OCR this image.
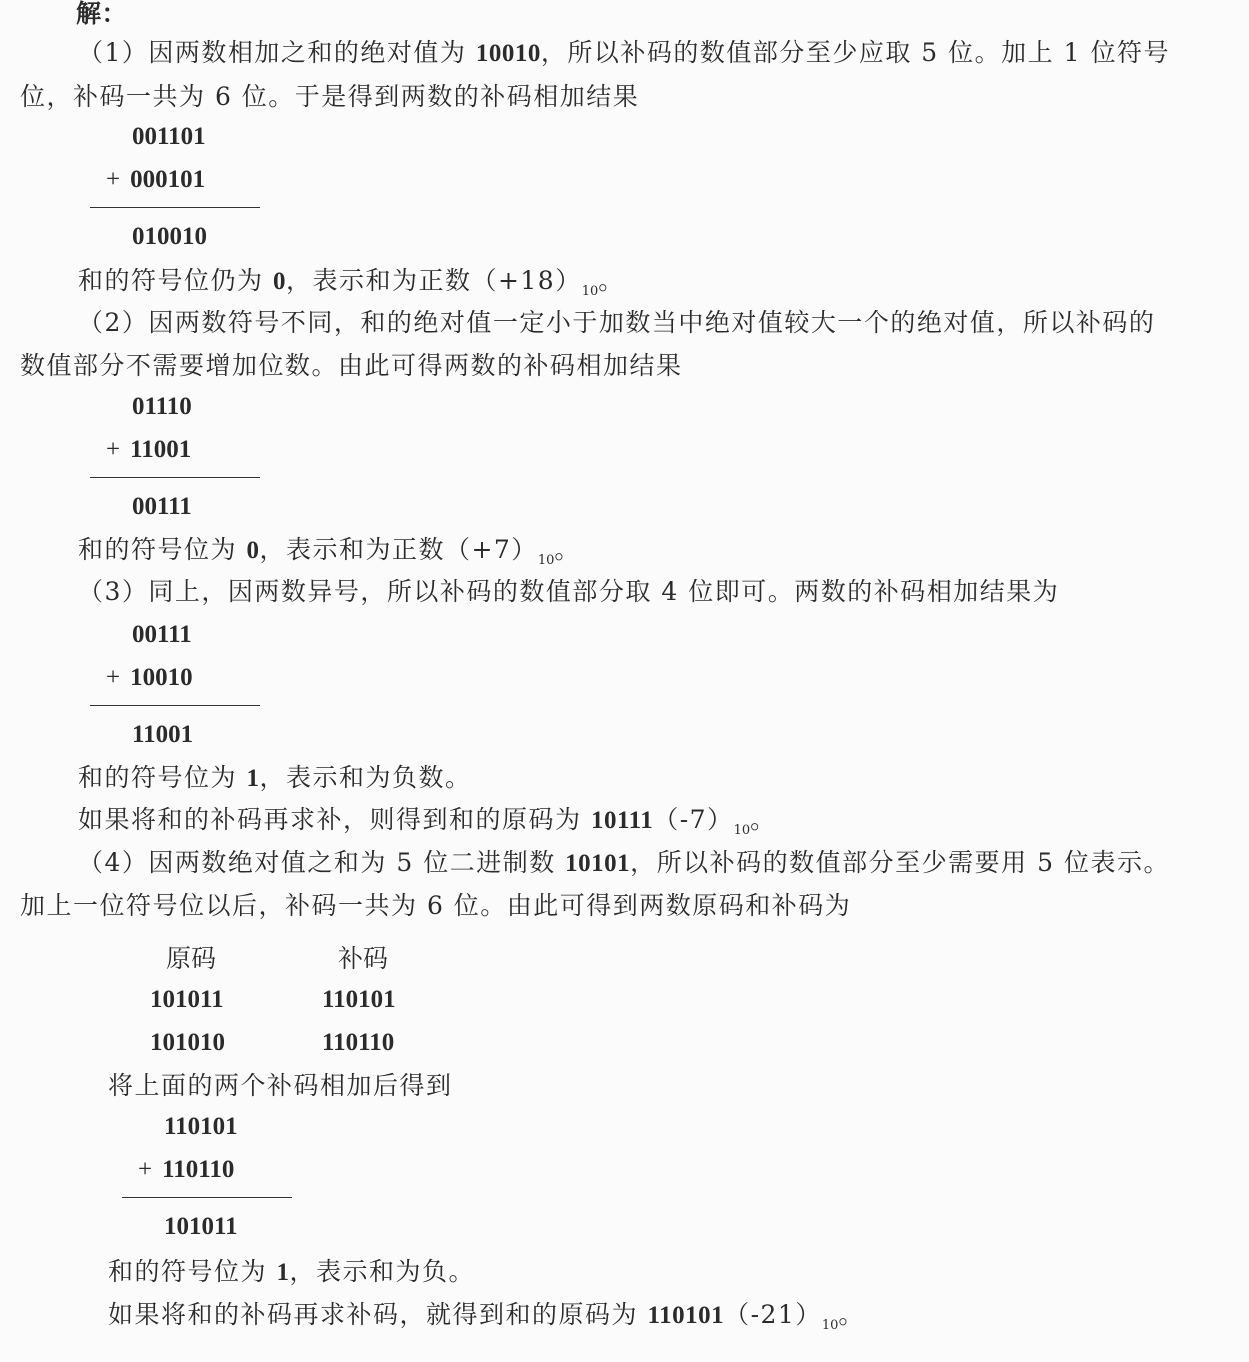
解：
（1）因两数相加之和的绝对值为 10010，所以补码的数值部分至少应取 5 位。加上 1 位符号
位，补码一共为 6 位。于是得到两数的补码相加结果
001101
+ 000101
010010
和的符号位仍为 0，表示和为正数$(+18)_{10}$。
（2）因两数符号不同，和的绝对值一定小于加数当中绝对值较大一个的绝对值，所以补码的
数值部分不需要增加位数。由此可得两数的补码相加结果
01110
+ 11001
00111
和的符号位为 0，表示和为正数$(+7)_{10}$。
（3）同上，因两数异号，所以补码的数值部分取 4 位即可。两数的补码相加结果为
00111
+ 10010
11001
和的符号位为 1，表示和为负数。
如果将和的补码再求补，则得到和的原码为 $10111(-7)_{10}$。
（4）因两数绝对值之和为 5 位二进制数 10101，所以补码的数值部分至少需要用 5 位表示。
加上一位符号位以后，补码一共为 6 位。由此可得到两数原码和补码为
原码	补码
101011	110101
101010	110110
将上面的两个补码相加后得到
110101
+ 110110
101011
和的符号位为 1，表示和为负。
如果将和的补码再求补码，就得到和的原码为 $110101(-21)_{10}$。
